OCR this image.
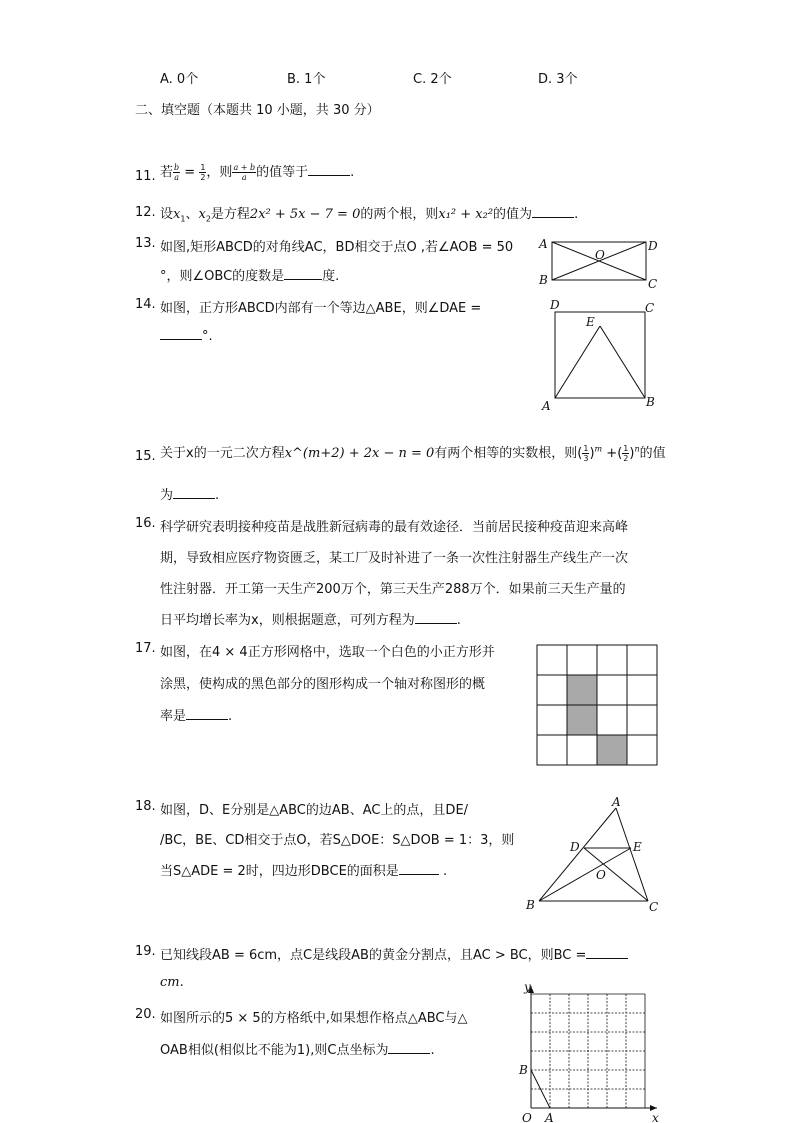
A. 0个	B. 1个	C. 2个	D. 3个
二、填空题（本题共 10 小题，共 30 分）
11. 若 $\frac{b}{a} = \frac{1}{2}$ ，则 $\frac{a + b}{a}$ 的值等于	.
12. 设$x_1$、$x_2$是方程2x² + 5x − 7 = 0的两个根，则x₁² + x₂²的值为	.
13. 如图,矩形ABCD的对角线AC，BD相交于点O ,若∠AOB = 50
°，则∠OBC的度数是	度.
A
B	C
D
O
14. 如图，正方形ABCD内部有一个等边△ABE，则∠DAE =
°.
D	C
E
A	B
15. 关于x的一元二次方程x^(m+2) + 2x − n = 0有两个相等的实数根，则( $\frac{1}{3} )^m$ +( $\frac{1}{2} )^n$的值
为	.
16. 科学研究表明接种疫苗是战胜新冠病毒的最有效途径．当前居民接种疫苗迎来高峰
期，导致相应医疗物资匮乏，某工厂及时补进了一条一次性注射器生产线生产一次
性注射器．开工第一天生产200万个，第三天生产288万个．如果前三天生产量的
日平均增长率为x，则根据题意，可列方程为	.
17. 如图，在4 × 4正方形网格中，选取一个白色的小正方形并
涂黑，使构成的黑色部分的图形构成一个轴对称图形的概
率是	.
18. 如图，D、E分别是△ABC的边AB、AC上的点，且DE/
/BC，BE、CD相交于点O，若S△DOE：S△DOB = 1：3，则
当S△ADE = 2时，四边形DBCE的面积是	.
A
D	E
O
B	C
19. 已知线段AB = 6cm，点C是线段AB的黄金分割点，且AC > BC，则BC =
cm.
20. 如图所示的5 × 5的方格纸中,如果想作格点△ABC与△
OAB相似(相似比不能为1),则C点坐标为	.
y
x
O A
B
